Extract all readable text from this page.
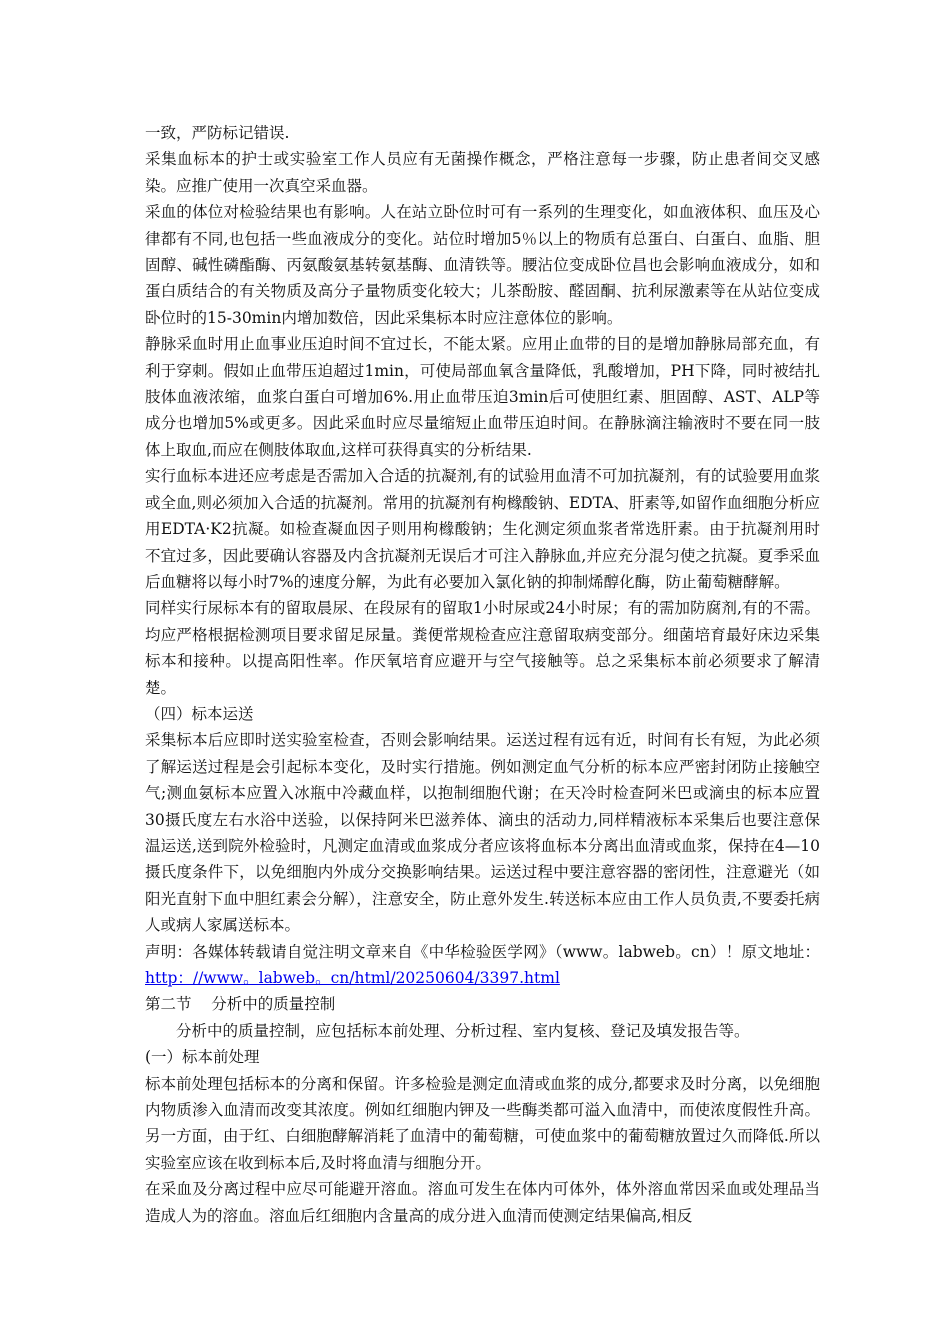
一致，严防标记错误.

采集血标本的护士或实验室工作人员应有无菌操作概念，严格注意每一步骤，防止患者间交叉感染。应推广使用一次真空采血器。

采血的体位对检验结果也有影响。人在站立卧位时可有一系列的生理变化，如血液体积、血压及心律都有不同,也包括一些血液成分的变化。站位时增加5％以上的物质有总蛋白、白蛋白、血脂、胆固醇、碱性磷酯酶、丙氨酸氨基转氨基酶、血清铁等。腰沾位变成卧位昌也会影响血液成分，如和蛋白质结合的有关物质及高分子量物质变化较大；儿茶酚胺、醛固酮、抗利尿激素等在从站位变成卧位时的15-30min内增加数倍，因此采集标本时应注意体位的影响。

静脉采血时用止血事业压迫时间不宜过长，不能太紧。应用止血带的目的是增加静脉局部充血，有利于穿刺。假如止血带压迫超过1min，可使局部血氧含量降低，乳酸增加，PH下降，同时被结扎肢体血液浓缩，血浆白蛋白可增加6%.用止血带压迫3min后可使胆红素、胆固醇、AST、ALP等成分也增加5%或更多。因此采血时应尽量缩短止血带压迫时间。在静脉滴注输液时不要在同一肢体上取血,而应在侧肢体取血,这样可获得真实的分析结果.

实行血标本进还应考虑是否需加入合适的抗凝剂,有的试验用血清不可加抗凝剂，有的试验要用血浆或全血,则必须加入合适的抗凝剂。常用的抗凝剂有枸橼酸钠、EDTA、肝素等,如留作血细胞分析应用EDTA·K2抗凝。如检查凝血因子则用枸橼酸钠；生化测定须血浆者常选肝素。由于抗凝剂用时不宜过多，因此要确认容器及内含抗凝剂无误后才可注入静脉血,并应充分混匀使之抗凝。夏季采血后血糖将以每小时7%的速度分解，为此有必要加入氯化钠的抑制烯醇化酶，防止葡萄糖酵解。

同样实行尿标本有的留取晨尿、在段尿有的留取1小时尿或24小时尿；有的需加防腐剂,有的不需。均应严格根据检测项目要求留足尿量。粪便常规检查应注意留取病变部分。细菌培育最好床边采集标本和接种。以提高阳性率。作厌氧培育应避开与空气接触等。总之采集标本前必须要求了解清楚。

（四）标本运送

采集标本后应即时送实验室检查，否则会影响结果。运送过程有远有近，时间有长有短，为此必须了解运送过程是会引起标本变化，及时实行措施。例如测定血气分析的标本应严密封闭防止接触空气;测血氨标本应置入冰瓶中冷藏血样，以抱制细胞代谢；在天冷时检查阿米巴或滴虫的标本应置30摄氏度左右水浴中送验，以保持阿米巴滋养体、滴虫的活动力,同样精液标本采集后也要注意保温运送,送到院外检验时，凡测定血清或血浆成分者应该将血标本分离出血清或血浆，保持在4—10摄氏度条件下，以免细胞内外成分交换影响结果。运送过程中要注意容器的密闭性，注意避光（如阳光直射下血中胆红素会分解），注意安全，防止意外发生.转送标本应由工作人员负责,不要委托病人或病人家属送标本。

声明：各媒体转载请自觉注明文章来自《中华检验医学网》（www。labweb。cn）！原文地址：http：//www。labweb。cn/html/20250604/3397.html

第二节    分析中的质量控制

分析中的质量控制，应包括标本前处理、分析过程、室内复核、登记及填发报告等。

(一）标本前处理

标本前处理包括标本的分离和保留。许多检验是测定血清或血浆的成分,都要求及时分离，以免细胞内物质渗入血清而改变其浓度。例如红细胞内钾及一些酶类都可溢入血清中，而使浓度假性升高。另一方面，由于红、白细胞酵解消耗了血清中的葡萄糖，可使血浆中的葡萄糖放置过久而降低.所以实验室应该在收到标本后,及时将血清与细胞分开。

在采血及分离过程中应尽可能避开溶血。溶血可发生在体内可体外，体外溶血常因采血或处理品当造成人为的溶血。溶血后红细胞内含量高的成分进入血清而使测定结果偏高,相反
